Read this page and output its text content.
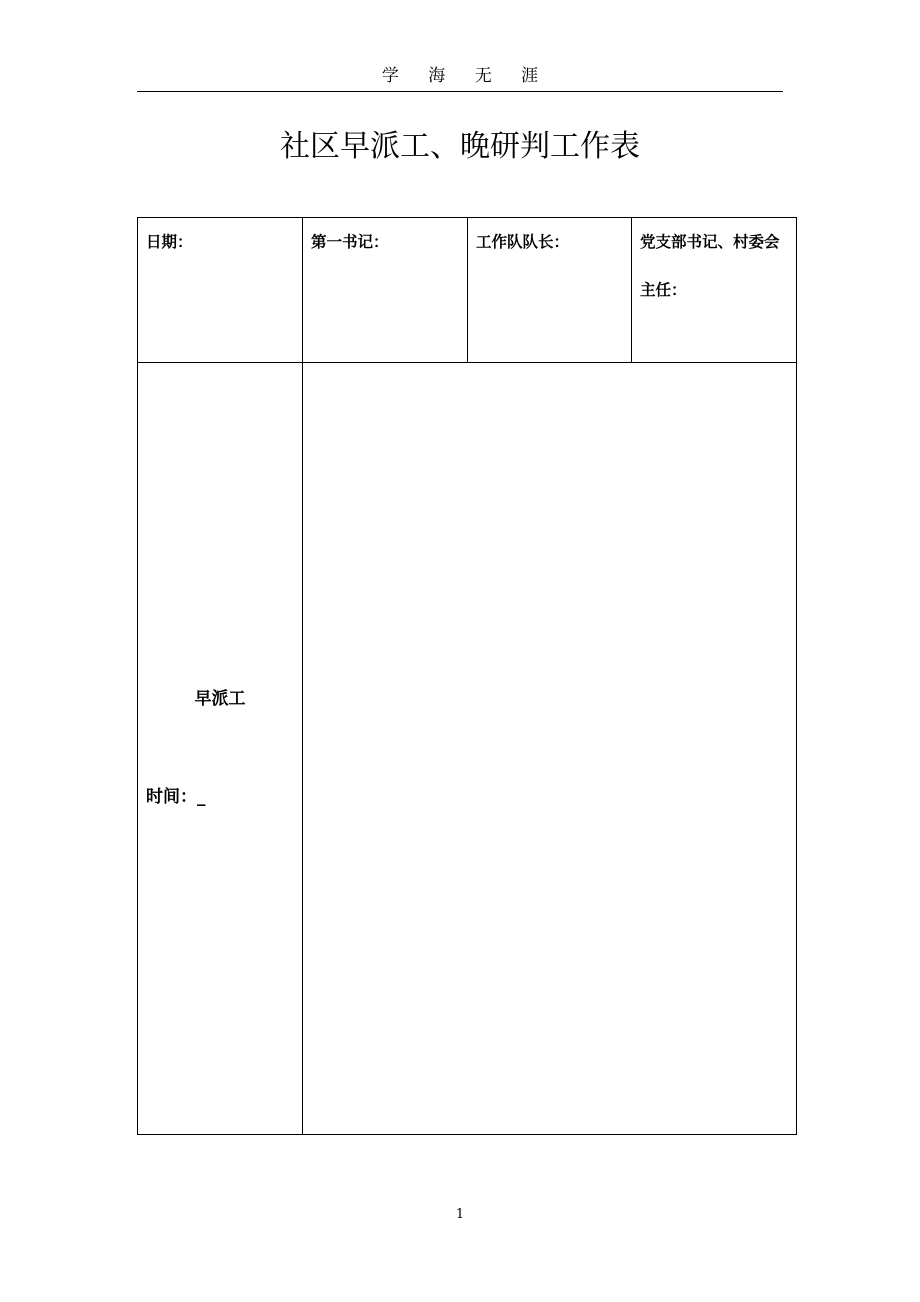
学 海 无 涯
社区早派工、晚研判工作表
日期：	第一书记：	工作队队长：	党支部书记、村委会
主任：

早派工
时间：_			

1
